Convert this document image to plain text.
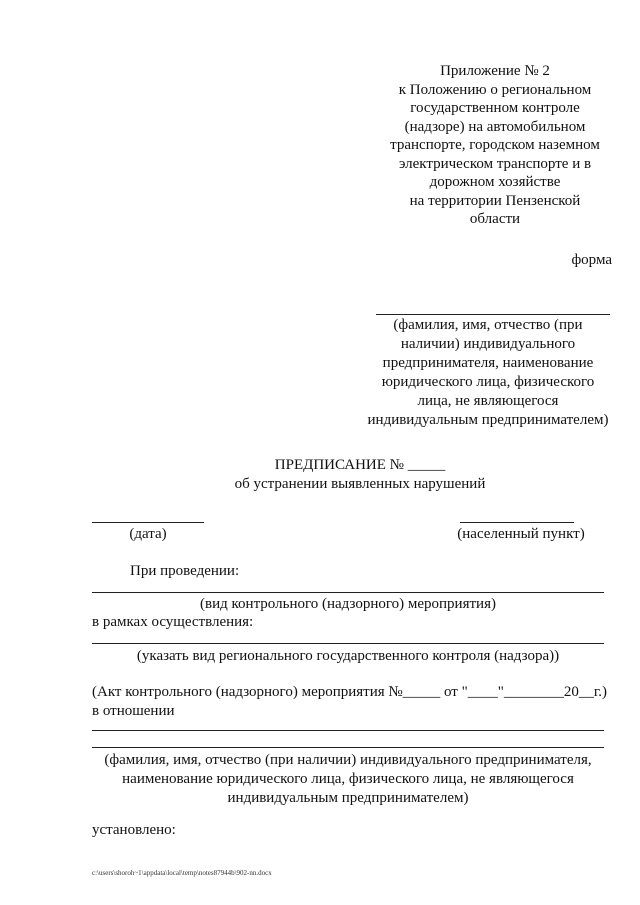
Приложение № 2
к Положению о региональном
государственном контроле
(надзоре) на автомобильном
транспорте, городском наземном
электрическом транспорте и в
дорожном хозяйстве
на территории Пензенской
области
форма
(фамилия, имя, отчество (при
наличии) индивидуального
предпринимателя, наименование
юридического лица, физического
лица, не являющегося
индивидуальным предпринимателем)
ПРЕДПИСАНИЕ № _____
об устранении выявленных нарушений
(дата)	(населенный пункт)
При проведении:
(вид контрольного (надзорного) мероприятия)
в рамках осуществления:
(указать вид регионального государственного контроля (надзора))
(Акт контрольного (надзорного) мероприятия №_____ от "____"________20__г.)
в отношении
(фамилия, имя, отчество (при наличии) индивидуального предпринимателя,
наименование юридического лица, физического лица, не являющегося
индивидуальным предпринимателем)
установлено:
c:\users\shoroh~1\appdata\local\temp\notes87944b\902-nn.docx
